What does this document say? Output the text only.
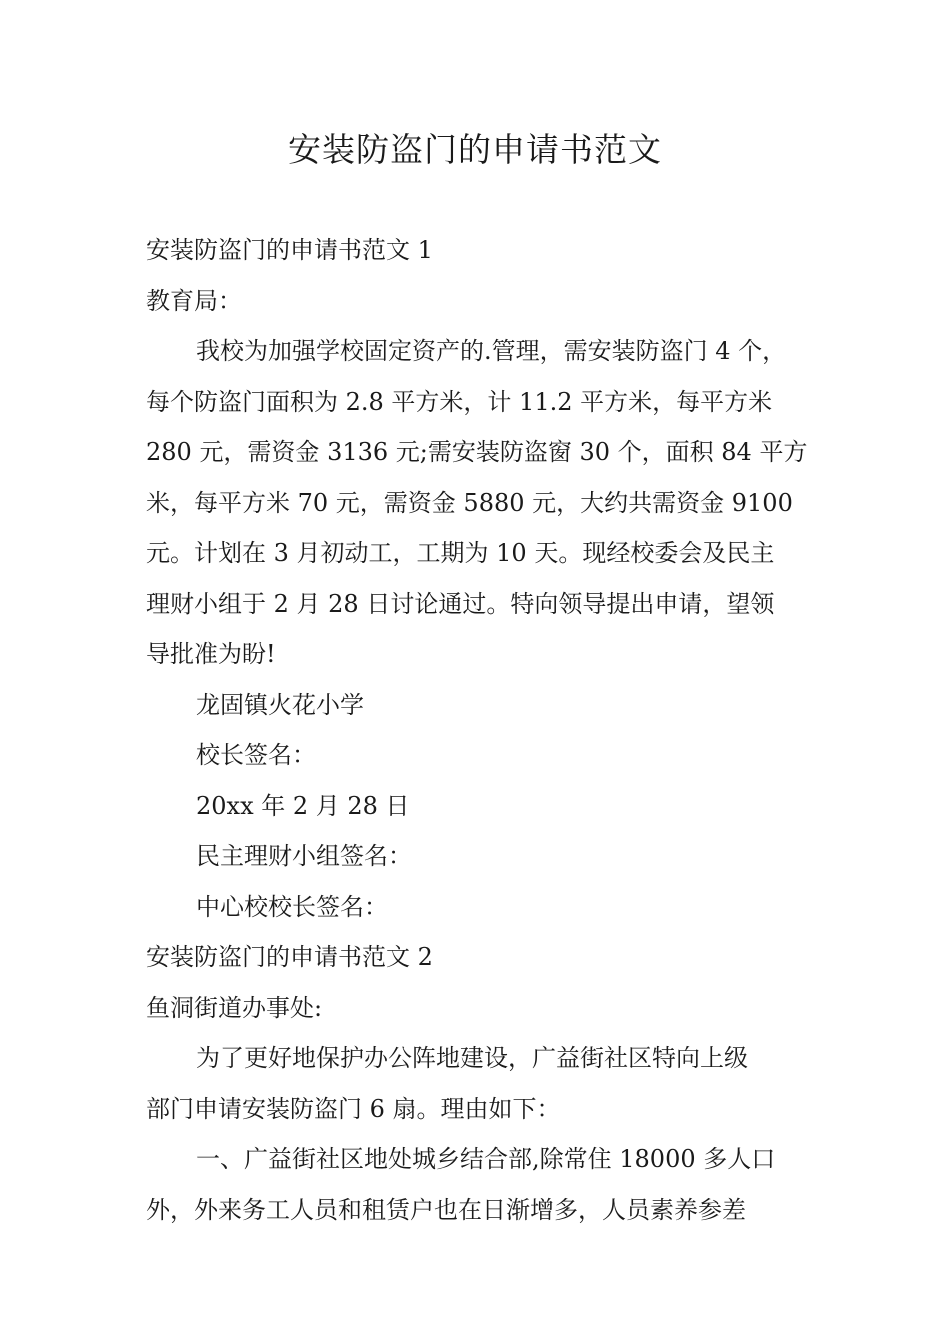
安装防盗门的申请书范文
安装防盗门的申请书范文 1
教育局：
我校为加强学校固定资产的.管理，需安装防盗门 4 个，
每个防盗门面积为 2.8 平方米，计 11.2 平方米，每平方米
280 元，需资金 3136 元;需安装防盗窗 30 个，面积 84 平方
米，每平方米 70 元，需资金 5880 元，大约共需资金 9100
元。计划在 3 月初动工，工期为 10 天。现经校委会及民主
理财小组于 2 月 28 日讨论通过。特向领导提出申请，望领
导批准为盼!
龙固镇火花小学
校长签名：
20xx 年 2 月 28 日
民主理财小组签名：
中心校校长签名：
安装防盗门的申请书范文 2
鱼洞街道办事处:
为了更好地保护办公阵地建设，广益街社区特向上级
部门申请安装防盗门 6 扇。理由如下：
一、广益街社区地处城乡结合部,除常住 18000 多人口
外，外来务工人员和租赁户也在日渐增多，人员素养参差
